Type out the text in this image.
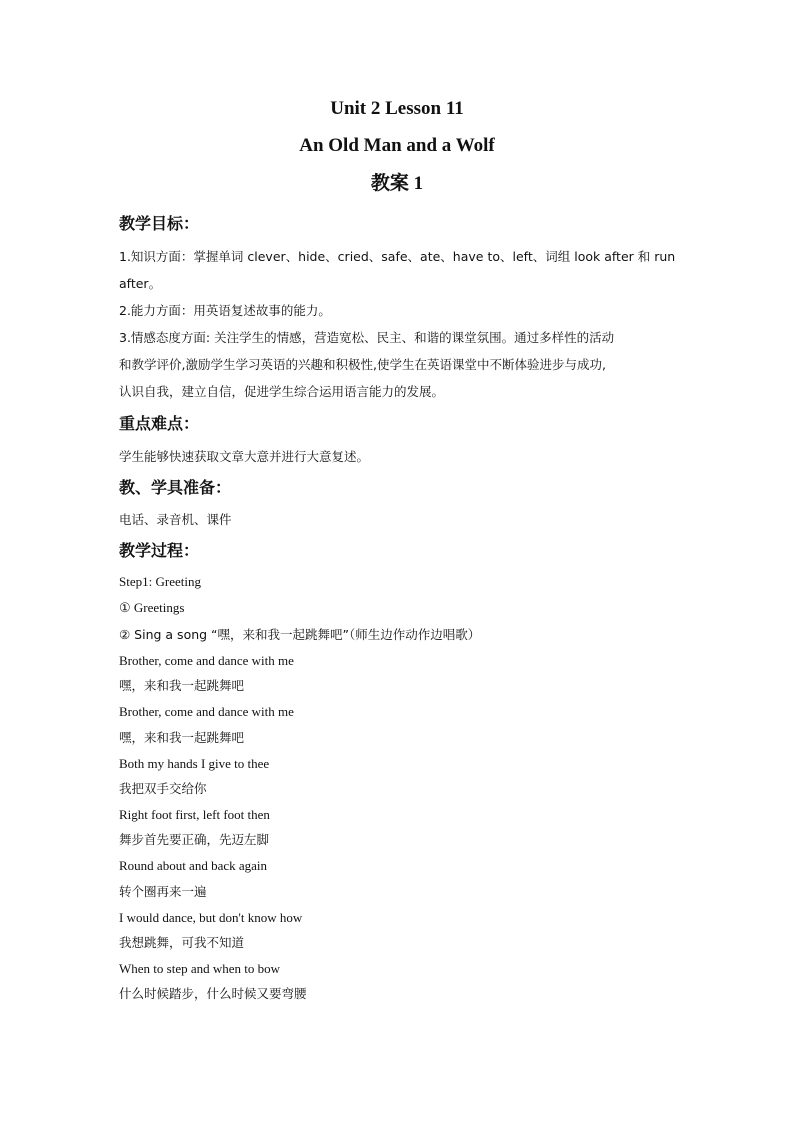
Unit 2 Lesson 11
An Old Man and a Wolf
教案 1
教学目标：
1.知识方面：掌握单词 clever、hide、cried、safe、ate、have to、left、词组 look after 和 run
after。
2.能力方面：用英语复述故事的能力。
3.情感态度方面: 关注学生的情感，营造宽松、民主、和谐的课堂氛围。通过多样性的活动
和教学评价,激励学生学习英语的兴趣和积极性,使学生在英语课堂中不断体验进步与成功,
认识自我，建立自信，促进学生综合运用语言能力的发展。
重点难点：
学生能够快速获取文章大意并进行大意复述。
教、学具准备：
电话、录音机、课件
教学过程：
Step1: Greeting
① Greetings
② Sing a song “嘿，来和我一起跳舞吧”（师生边作动作边唱歌）
Brother, come and dance with me
嘿，来和我一起跳舞吧
Brother, come and dance with me
嘿，来和我一起跳舞吧
Both my hands I give to thee
我把双手交给你
Right foot first, left foot then
舞步首先要正确，先迈左脚
Round about and back again
转个圈再来一遍
I would dance, but don't know how
我想跳舞，可我不知道
When to step and when to bow
什么时候踏步，什么时候又要弯腰
